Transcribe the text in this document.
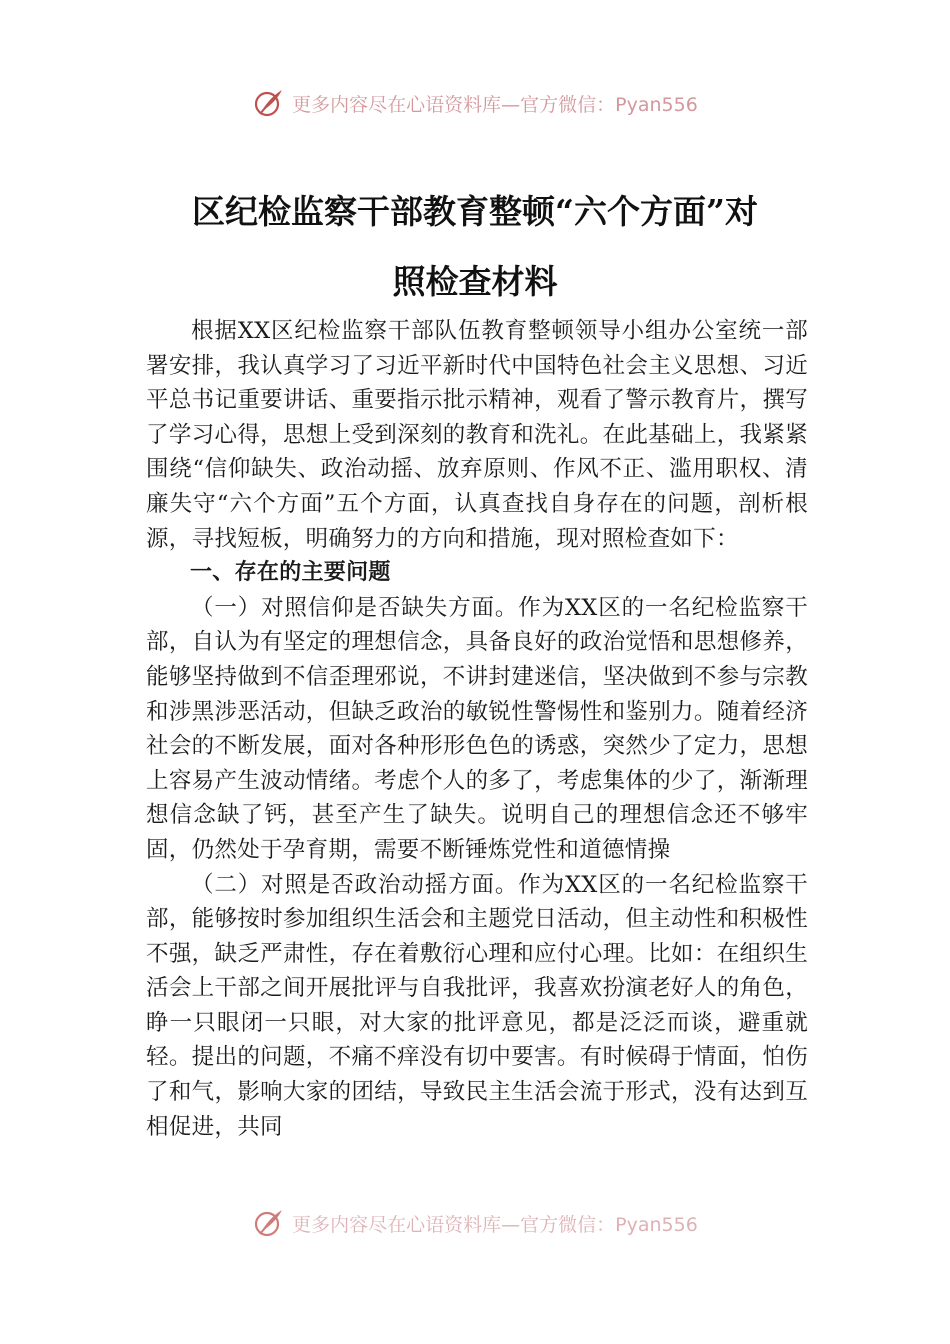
更多内容尽在心语资料库—官方微信：Pyan556
区纪检监察干部教育整顿“六个方面”对
照检查材料

根据XX区纪检监察干部队伍教育整顿领导小组办公室统一部署安排，我认真学习了习近平新时代中国特色社会主义思想、习近平总书记重要讲话、重要指示批示精神，观看了警示教育片，撰写了学习心得，思想上受到深刻的教育和洗礼。在此基础上，我紧紧围绕“信仰缺失、政治动摇、放弃原则、作风不正、滥用职权、清廉失守“六个方面”五个方面，认真查找自身存在的问题，剖析根源，寻找短板，明确努力的方向和措施，现对照检查如下：

一、存在的主要问题

（一）对照信仰是否缺失方面。作为XX区的一名纪检监察干部，自认为有坚定的理想信念，具备良好的政治觉悟和思想修养，能够坚持做到不信歪理邪说，不讲封建迷信，坚决做到不参与宗教和涉黑涉恶活动，但缺乏政治的敏锐性警惕性和鉴别力。随着经济社会的不断发展，面对各种形形色色的诱惑，突然少了定力，思想上容易产生波动情绪。考虑个人的多了，考虑集体的少了，渐渐理想信念缺了钙，甚至产生了缺失。说明自己的理想信念还不够牢固，仍然处于孕育期，需要不断锤炼党性和道德情操

（二）对照是否政治动摇方面。作为XX区的一名纪检监察干部，能够按时参加组织生活会和主题党日活动，但主动性和积极性不强，缺乏严肃性，存在着敷衍心理和应付心理。比如：在组织生活会上干部之间开展批评与自我批评，我喜欢扮演老好人的角色，睁一只眼闭一只眼，对大家的批评意见，都是泛泛而谈，避重就轻。提出的问题，不痛不痒没有切中要害。有时候碍于情面，怕伤了和气，影响大家的团结，导致民主生活会流于形式，没有达到互相促进，共同

更多内容尽在心语资料库—官方微信：Pyan556
